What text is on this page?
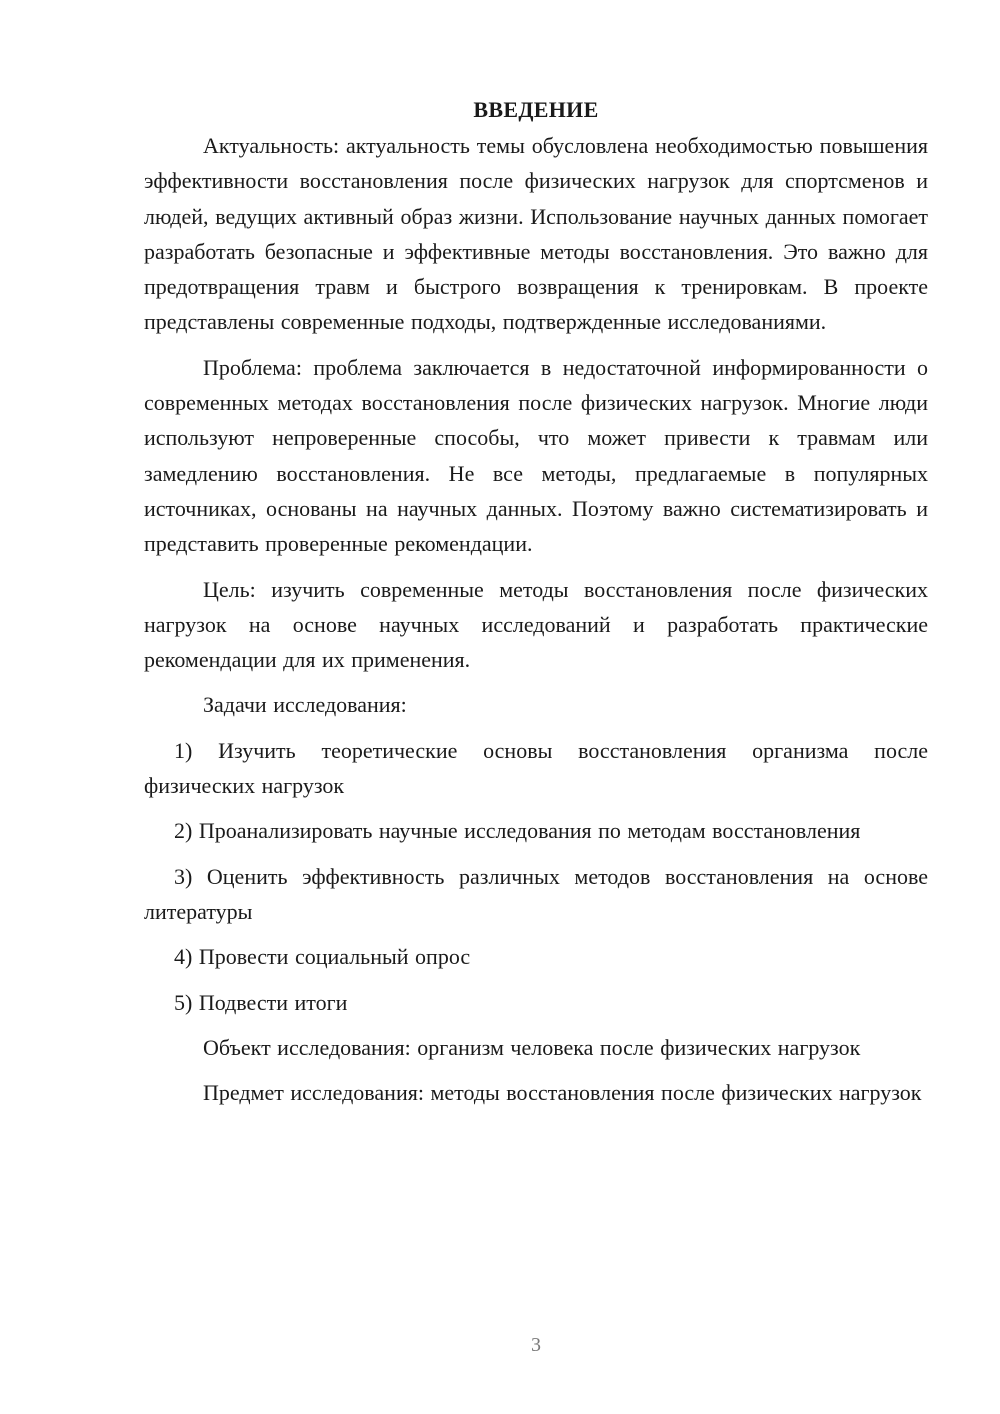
ВВЕДЕНИЕ

Актуальность: актуальность темы обусловлена необходимостью повышения эффективности восстановления после физических нагрузок для спортсменов и людей, ведущих активный образ жизни. Использование научных данных помогает разработать безопасные и эффективные методы восстановления. Это важно для предотвращения травм и быстрого возвращения к тренировкам. В проекте представлены современные подходы, подтвержденные исследованиями.

Проблема: проблема заключается в недостаточной информированности о современных методах восстановления после физических нагрузок. Многие люди используют непроверенные способы, что может привести к травмам или замедлению восстановления. Не все методы, предлагаемые в популярных источниках, основаны на научных данных. Поэтому важно систематизировать и представить проверенные рекомендации.

Цель: изучить современные методы восстановления после физических нагрузок на основе научных исследований и разработать практические рекомендации для их применения.

Задачи исследования:

1) Изучить теоретические основы восстановления организма после физических нагрузок

2) Проанализировать научные исследования по методам восстановления

3) Оценить эффективность различных методов восстановления на основе литературы

4) Провести социальный опрос

5) Подвести итоги

Объект исследования: организм человека после физических нагрузок

Предмет исследования: методы восстановления после физических нагрузок

3
